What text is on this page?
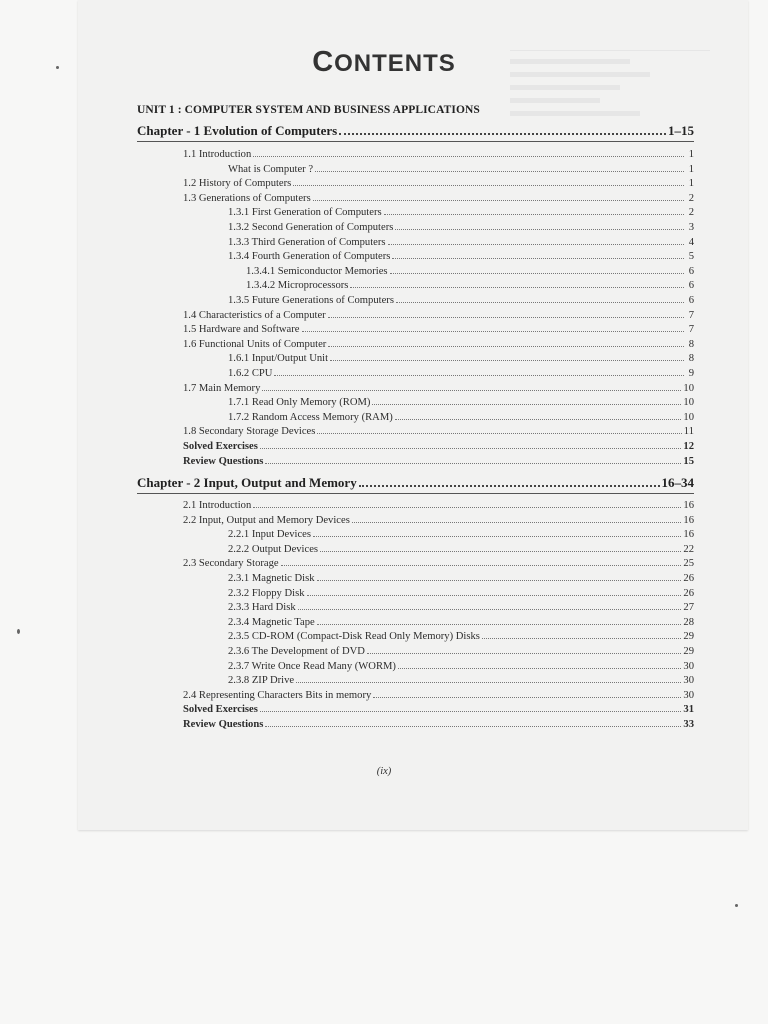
CONTENTS
UNIT 1 : COMPUTER SYSTEM AND BUSINESS APPLICATIONS
Chapter - 1 Evolution of Computers	1–15
1.1 Introduction	1
What is Computer ?	1
1.2 History of Computers	1
1.3 Generations of Computers	2
1.3.1 First Generation of Computers	2
1.3.2 Second Generation of Computers	3
1.3.3 Third Generation of Computers	4
1.3.4 Fourth Generation of Computers	5
1.3.4.1 Semiconductor Memories	6
1.3.4.2 Microprocessors	6
1.3.5 Future Generations of Computers	6
1.4 Characteristics of a Computer	7
1.5 Hardware and Software	7
1.6 Functional Units of Computer	8
1.6.1 Input/Output Unit	8
1.6.2 CPU	9
1.7 Main Memory	10
1.7.1 Read Only Memory (ROM)	10
1.7.2 Random Access Memory (RAM)	10
1.8 Secondary Storage Devices	11
Solved Exercises	12
Review Questions	15
Chapter - 2 Input, Output and Memory	16–34
2.1 Introduction	16
2.2 Input, Output and Memory Devices	16
2.2.1 Input Devices	16
2.2.2 Output Devices	22
2.3 Secondary Storage	25
2.3.1 Magnetic Disk	26
2.3.2 Floppy Disk	26
2.3.3 Hard Disk	27
2.3.4 Magnetic Tape	28
2.3.5 CD-ROM (Compact-Disk Read Only Memory) Disks	29
2.3.6 The Development of DVD	29
2.3.7 Write Once Read Many (WORM)	30
2.3.8 ZIP Drive	30
2.4 Representing Characters Bits in memory	30
Solved Exercises	31
Review Questions	33
(ix)
